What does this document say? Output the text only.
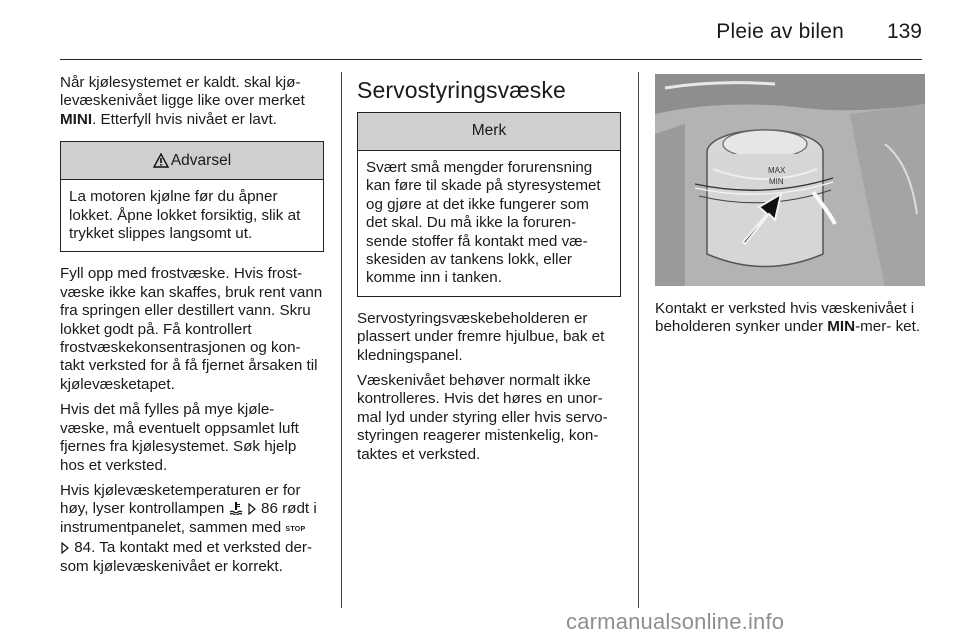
Pleie av bilen 139

Når kjølesystemet er kaldt. skal kjø- levæskenivået ligge like over merket MINI. Etterfyll hvis nivået er lavt.

Advarsel
La motoren kjølne før du åpner lokket. Åpne lokket forsiktig, slik at trykket slippes langsomt ut.

Fyll opp med frostvæske. Hvis frost- væske ikke kan skaffes, bruk rent vann fra springen eller destillert vann. Skru lokket godt på. Få kontrollert frostvæskekonsentrasjonen og kon- takt verksted for å få fjernet årsaken til kjølevæsketapet.

Hvis det må fylles på mye kjøle- væske, må eventuelt oppsamlet luft fjernes fra kjølesystemet. Søk hjelp hos et verksted.

Hvis kjølevæsketemperaturen er for høy, lyser kontrollampen   86 rødt i instrumentpanelet, sammen med STOP
84. Ta kontakt med et verksted der- som kjølevæskenivået er korrekt.

Servostyringsvæske
Merk
Svært små mengder forurensning kan føre til skade på styresystemet og gjøre at det ikke fungerer som det skal. Du må ikke la foruren- sende stoffer få kontakt med væ- skesiden av tankens lokk, eller komme inn i tanken.

Servostyringsvæskebeholderen er plassert under fremre hjulbue, bak et kledningspanel.

Væskenivået behøver normalt ikke kontrolleres. Hvis det høres en unor- mal lyd under styring eller hvis servo- styringen reagerer mistenkelig, kon- taktes et verksted.

MAX
MIN

Kontakt er verksted hvis væskenivået i beholderen synker under MIN-mer- ket.

carmanualsonline.info
